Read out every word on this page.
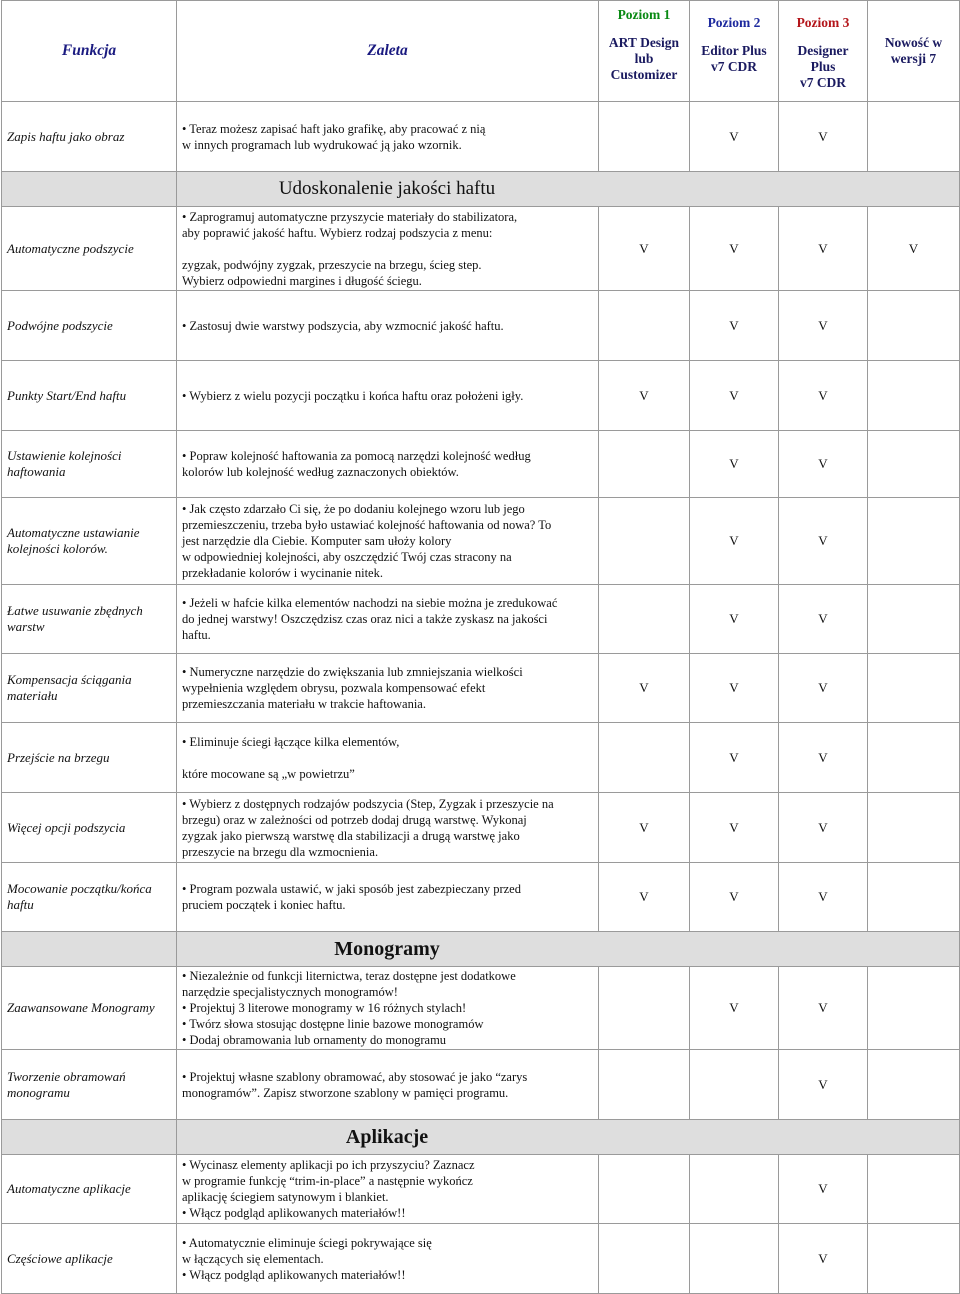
Funkcja	Zaleta	Poziom 1
ART Design
lub
Customizer	Poziom 2
Editor Plus
v7 CDR	Poziom 3
Designer Plus
v7 CDR	Nowość w
wersji 7

Zapis haftu jako obraz	• Teraz możesz zapisać haft jako grafikę, aby pracować z nią
w innych programach lub wydrukować ją jako wzornik.		V	V	

	Udoskonalenie jakości haftu				

Automatyczne podszycie	• Zaprogramuj automatyczne przyszycie materiały do stabilizatora,
aby poprawić jakość haftu. Wybierz rodzaj podszycia z menu:
zygzak, podwójny zygzak, przeszycie na brzegu, ścieg step.
Wybierz odpowiedni margines i długość ściegu.	V	V	V	V
Podwójne podszycie	• Zastosuj dwie warstwy podszycia, aby wzmocnić jakość haftu.		V	V	
Punkty Start/End haftu	• Wybierz z wielu pozycji początku i końca haftu oraz położeni igły.	V	V	V	
Ustawienie kolejności haftowania	• Popraw kolejność haftowania za pomocą narzędzi kolejność według
kolorów lub kolejność według zaznaczonych obiektów.		V	V	
Automatyczne ustawianie kolejności kolorów.	• Jak często zdarzało Ci się, że po dodaniu kolejnego wzoru lub jego
przemieszczeniu, trzeba było ustawiać kolejność haftowania od nowa? To
jest narzędzie dla Ciebie. Komputer sam ułoży kolory
w odpowiedniej kolejności, aby oszczędzić Twój czas stracony na
przekładanie kolorów i wycinanie nitek.		V	V	
Łatwe usuwanie zbędnych warstw	• Jeżeli w hafcie kilka elementów nachodzi na siebie można je zredukować
do jednej warstwy! Oszczędzisz czas oraz nici a także zyskasz na jakości
haftu.		V	V	
Kompensacja ściągania materiału	• Numeryczne narzędzie do zwiększania lub zmniejszania wielkości
wypełnienia względem obrysu, pozwala kompensować efekt
przemieszczania materiału w trakcie haftowania.	V	V	V	
Przejście na brzegu	• Eliminuje ściegi łączące kilka elementów,
które mocowane są „w powietrzu”		V	V	
Więcej opcji podszycia	• Wybierz z dostępnych rodzajów podszycia (Step, Zygzak i przeszycie na
brzegu) oraz w zależności od potrzeb dodaj drugą warstwę. Wykonaj
zygzak jako pierwszą warstwę dla stabilizacji a drugą warstwę jako
przeszycie na brzegu dla wzmocnienia.	V	V	V	
Mocowanie początku/końca haftu	• Program pozwala ustawić, w jaki sposób jest zabezpieczany przed
pruciem początek i koniec haftu.	V	V	V	

	Monogramy				

Zaawansowane Monogramy	• Niezależnie od funkcji liternictwa, teraz dostępne jest dodatkowe
narzędzie specjalistycznych monogramów!
• Projektuj 3 literowe monogramy w 16 różnych stylach!
• Twórz słowa stosując dostępne linie bazowe monogramów
• Dodaj obramowania lub ornamenty do monogramu		V	V	
Tworzenie obramowań monogramu	• Projektuj własne szablony obramować, aby stosować je jako “zarys
monogramów”. Zapisz stworzone szablony w pamięci programu.			V	

	Aplikacje				

Automatyczne aplikacje	• Wycinasz elementy aplikacji po ich przyszyciu? Zaznacz
w programie funkcję “trim-in-place” a następnie wykończ
aplikację ściegiem satynowym i blankiet.
• Włącz podgląd aplikowanych materiałów!!			V	
Częściowe aplikacje	• Automatycznie eliminuje ściegi pokrywające się
w łączących się elementach.
• Włącz podgląd aplikowanych materiałów!!			V	
